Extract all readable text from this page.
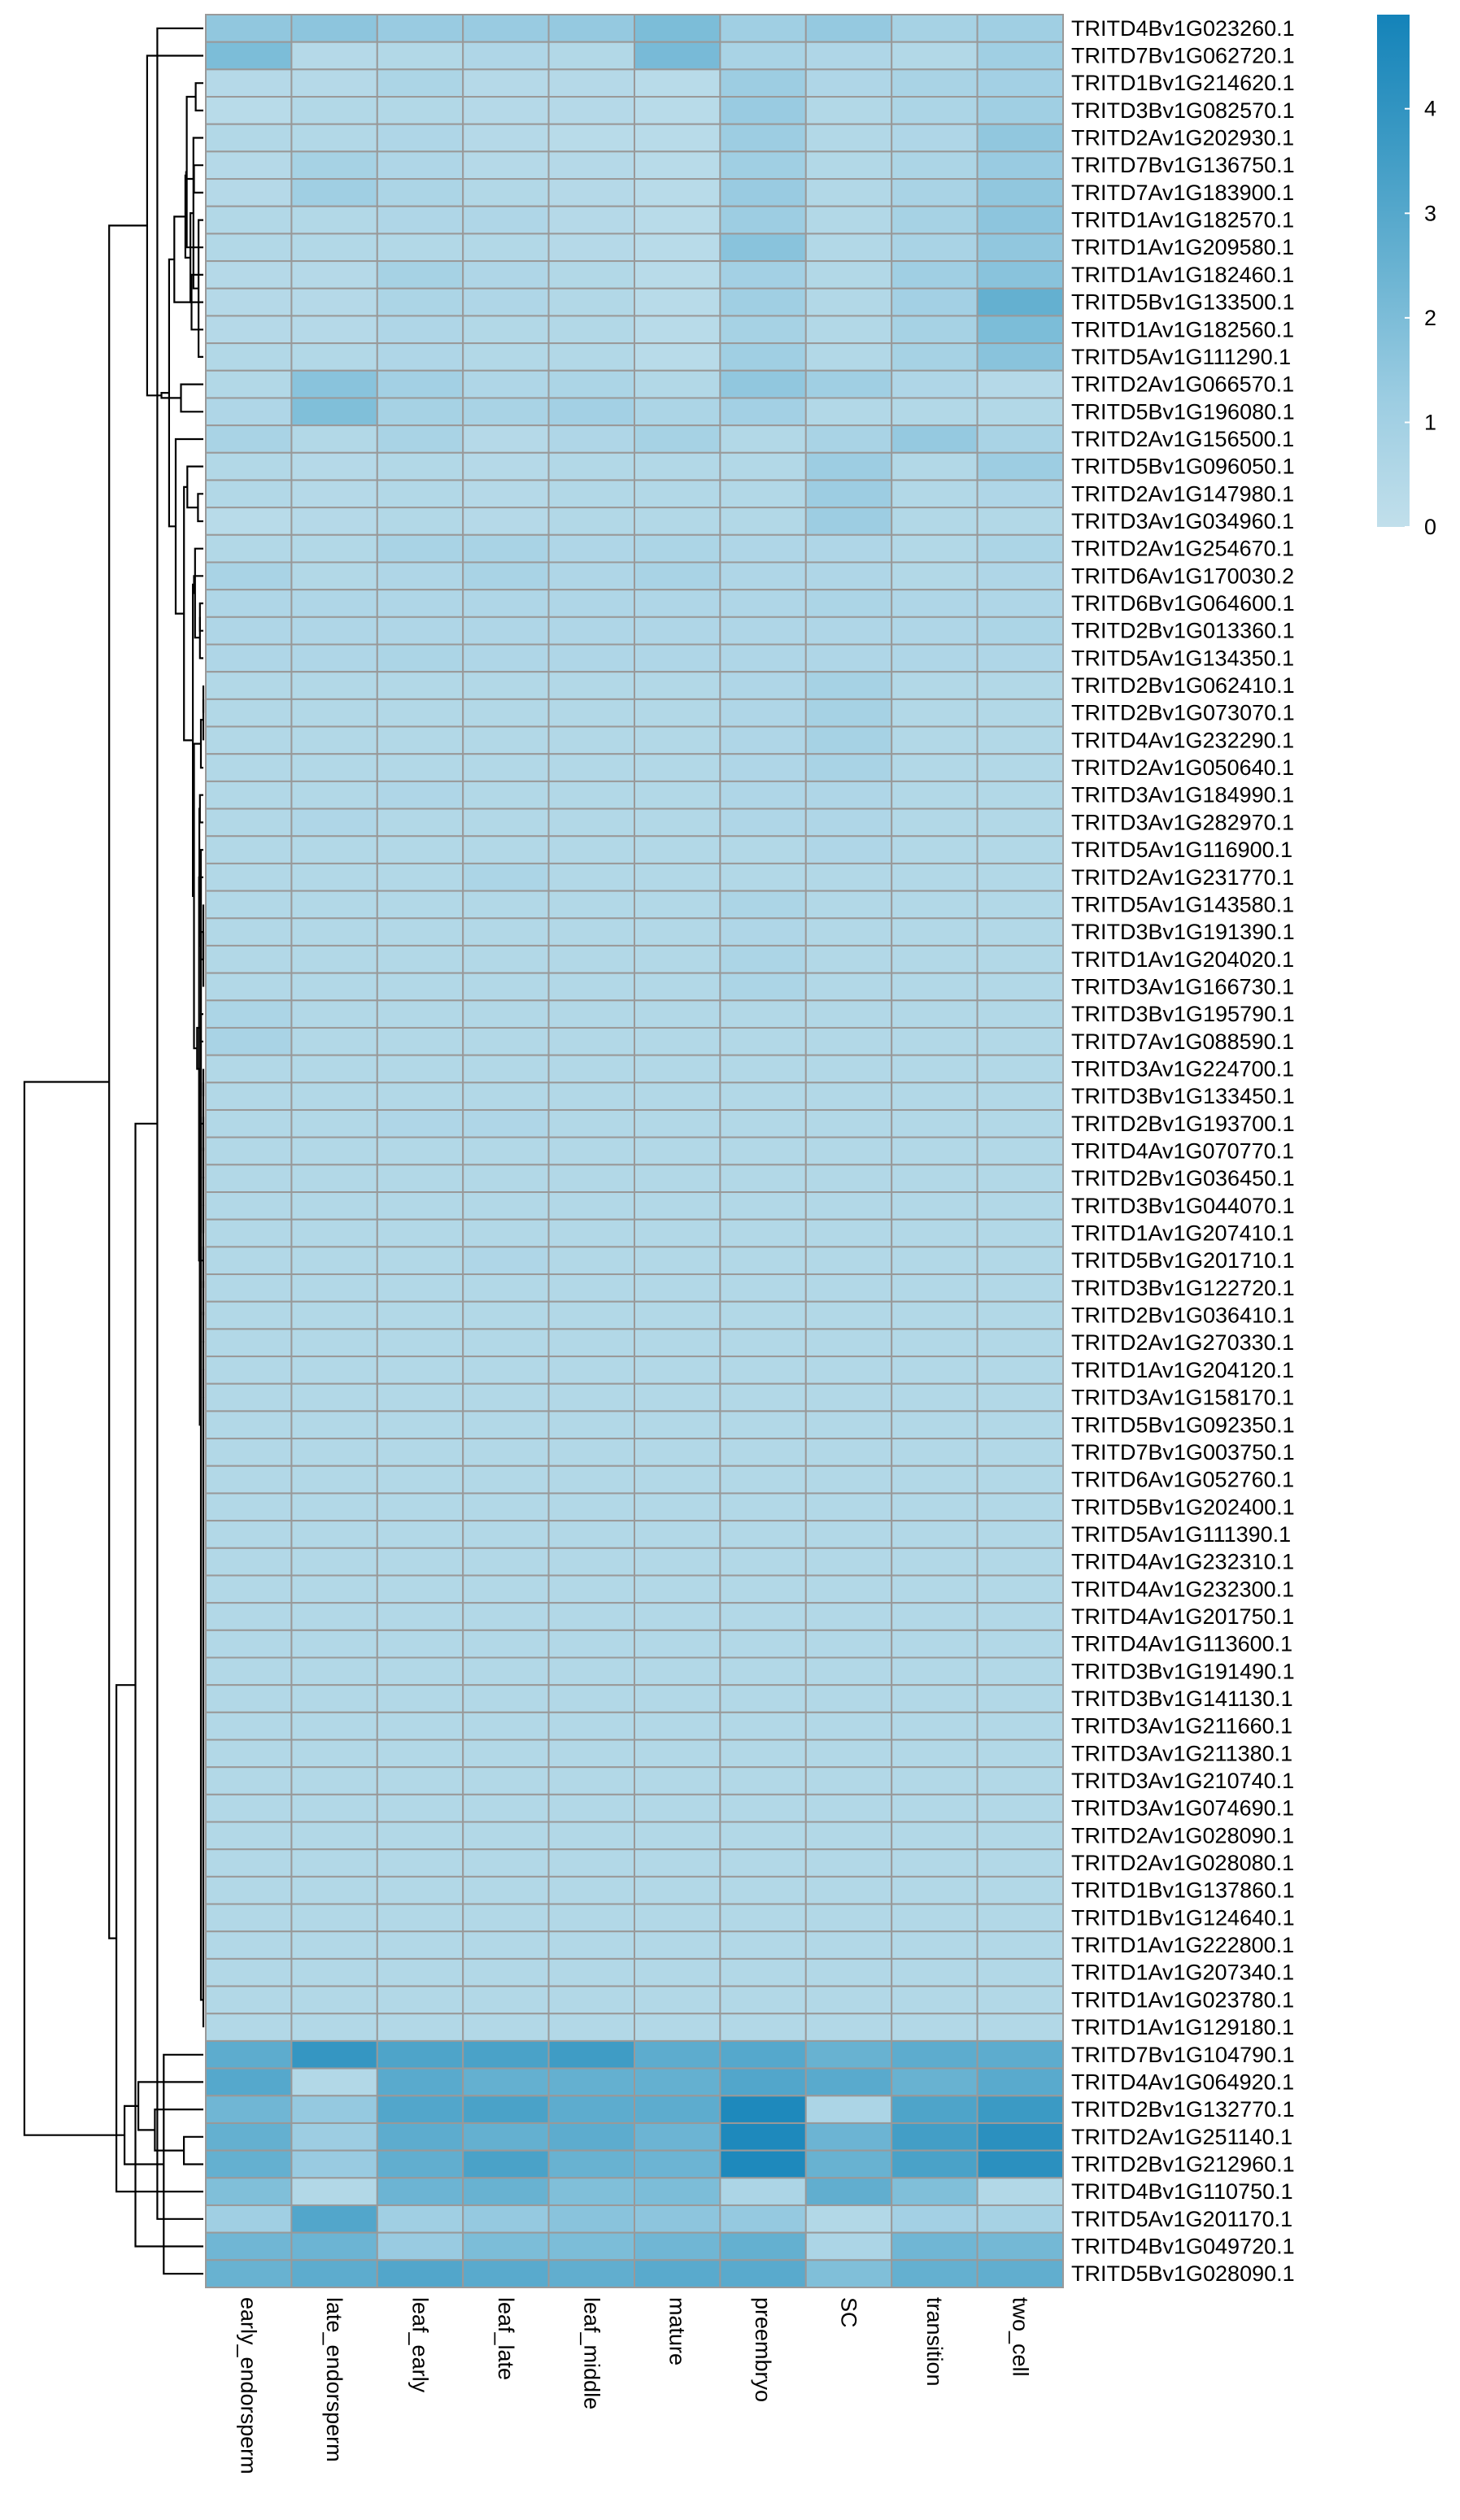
TRITD4Bv1G023260.1
TRITD7Bv1G062720.1
TRITD1Bv1G214620.1
TRITD3Bv1G082570.1
TRITD2Av1G202930.1
TRITD7Bv1G136750.1
TRITD7Av1G183900.1
TRITD1Av1G182570.1
TRITD1Av1G209580.1
TRITD1Av1G182460.1
TRITD5Bv1G133500.1
TRITD1Av1G182560.1
TRITD5Av1G111290.1
TRITD2Av1G066570.1
TRITD5Bv1G196080.1
TRITD2Av1G156500.1
TRITD5Bv1G096050.1
TRITD2Av1G147980.1
TRITD3Av1G034960.1
TRITD2Av1G254670.1
TRITD6Av1G170030.2
TRITD6Bv1G064600.1
TRITD2Bv1G013360.1
TRITD5Av1G134350.1
TRITD2Bv1G062410.1
TRITD2Bv1G073070.1
TRITD4Av1G232290.1
TRITD2Av1G050640.1
TRITD3Av1G184990.1
TRITD3Av1G282970.1
TRITD5Av1G116900.1
TRITD2Av1G231770.1
TRITD5Av1G143580.1
TRITD3Bv1G191390.1
TRITD1Av1G204020.1
TRITD3Av1G166730.1
TRITD3Bv1G195790.1
TRITD7Av1G088590.1
TRITD3Av1G224700.1
TRITD3Bv1G133450.1
TRITD2Bv1G193700.1
TRITD4Av1G070770.1
TRITD2Bv1G036450.1
TRITD3Bv1G044070.1
TRITD1Av1G207410.1
TRITD5Bv1G201710.1
TRITD3Bv1G122720.1
TRITD2Bv1G036410.1
TRITD2Av1G270330.1
TRITD1Av1G204120.1
TRITD3Av1G158170.1
TRITD5Bv1G092350.1
TRITD7Bv1G003750.1
TRITD6Av1G052760.1
TRITD5Bv1G202400.1
TRITD5Av1G111390.1
TRITD4Av1G232310.1
TRITD4Av1G232300.1
TRITD4Av1G201750.1
TRITD4Av1G113600.1
TRITD3Bv1G191490.1
TRITD3Bv1G141130.1
TRITD3Av1G211660.1
TRITD3Av1G211380.1
TRITD3Av1G210740.1
TRITD3Av1G074690.1
TRITD2Av1G028090.1
TRITD2Av1G028080.1
TRITD1Bv1G137860.1
TRITD1Bv1G124640.1
TRITD1Av1G222800.1
TRITD1Av1G207340.1
TRITD1Av1G023780.1
TRITD1Av1G129180.1
TRITD7Bv1G104790.1
TRITD4Av1G064920.1
TRITD2Bv1G132770.1
TRITD2Av1G251140.1
TRITD2Bv1G212960.1
TRITD4Bv1G110750.1
TRITD5Av1G201170.1
TRITD4Bv1G049720.1
TRITD5Bv1G028090.1
early_endorsperm	late_endorsperm	leaf_early	leaf_late	leaf_middle	mature	preembryo	SC	transition	two_cell
0
1
2
3
4
